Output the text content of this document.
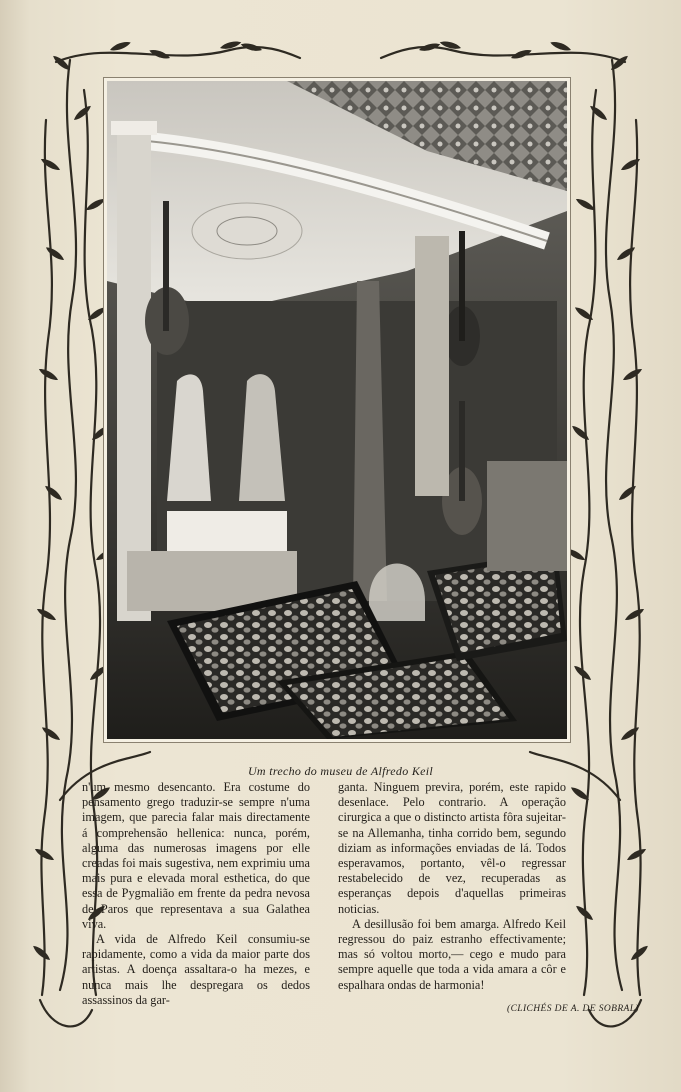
Um trecho do museu de Alfredo Keil

n'um mesmo desencanto. Era costume do pensamento grego traduzir-se sempre n'uma imagem, que parecia falar mais directamente á comprehensão hellenica: nunca, porém, alguma das numerosas imagens por elle creadas foi mais sugestiva, nem exprimiu uma mais pura e elevada moral esthetica, do que essa de Pygmalião em frente da pedra nevosa de Paros que representava a sua Galathea viva.

A vida de Alfredo Keil consumiu-se rapidamente, como a vida da maior parte dos artistas. A doença assaltara-o ha mezes, e nunca mais lhe despregara os dedos assassinos da gar-

ganta. Ninguem previra, porém, este rapido desenlace. Pelo contrario. A operação cirurgica a que o distincto artista fôra sujeitar-se na Allemanha, tinha corrido bem, segundo diziam as informações enviadas de lá. Todos esperavamos, portanto, vêl-o regressar restabelecido de vez, recuperadas as esperanças depois d'aquellas primeiras noticias.

A desillusão foi bem amarga. Alfredo Keil regressou do paiz estranho effectivamente; mas só voltou morto,— cego e mudo para sempre aquelle que toda a vida amara a côr e espalhara ondas de harmonia!

(CLICHÉS DE A. DE SOBRAL)
